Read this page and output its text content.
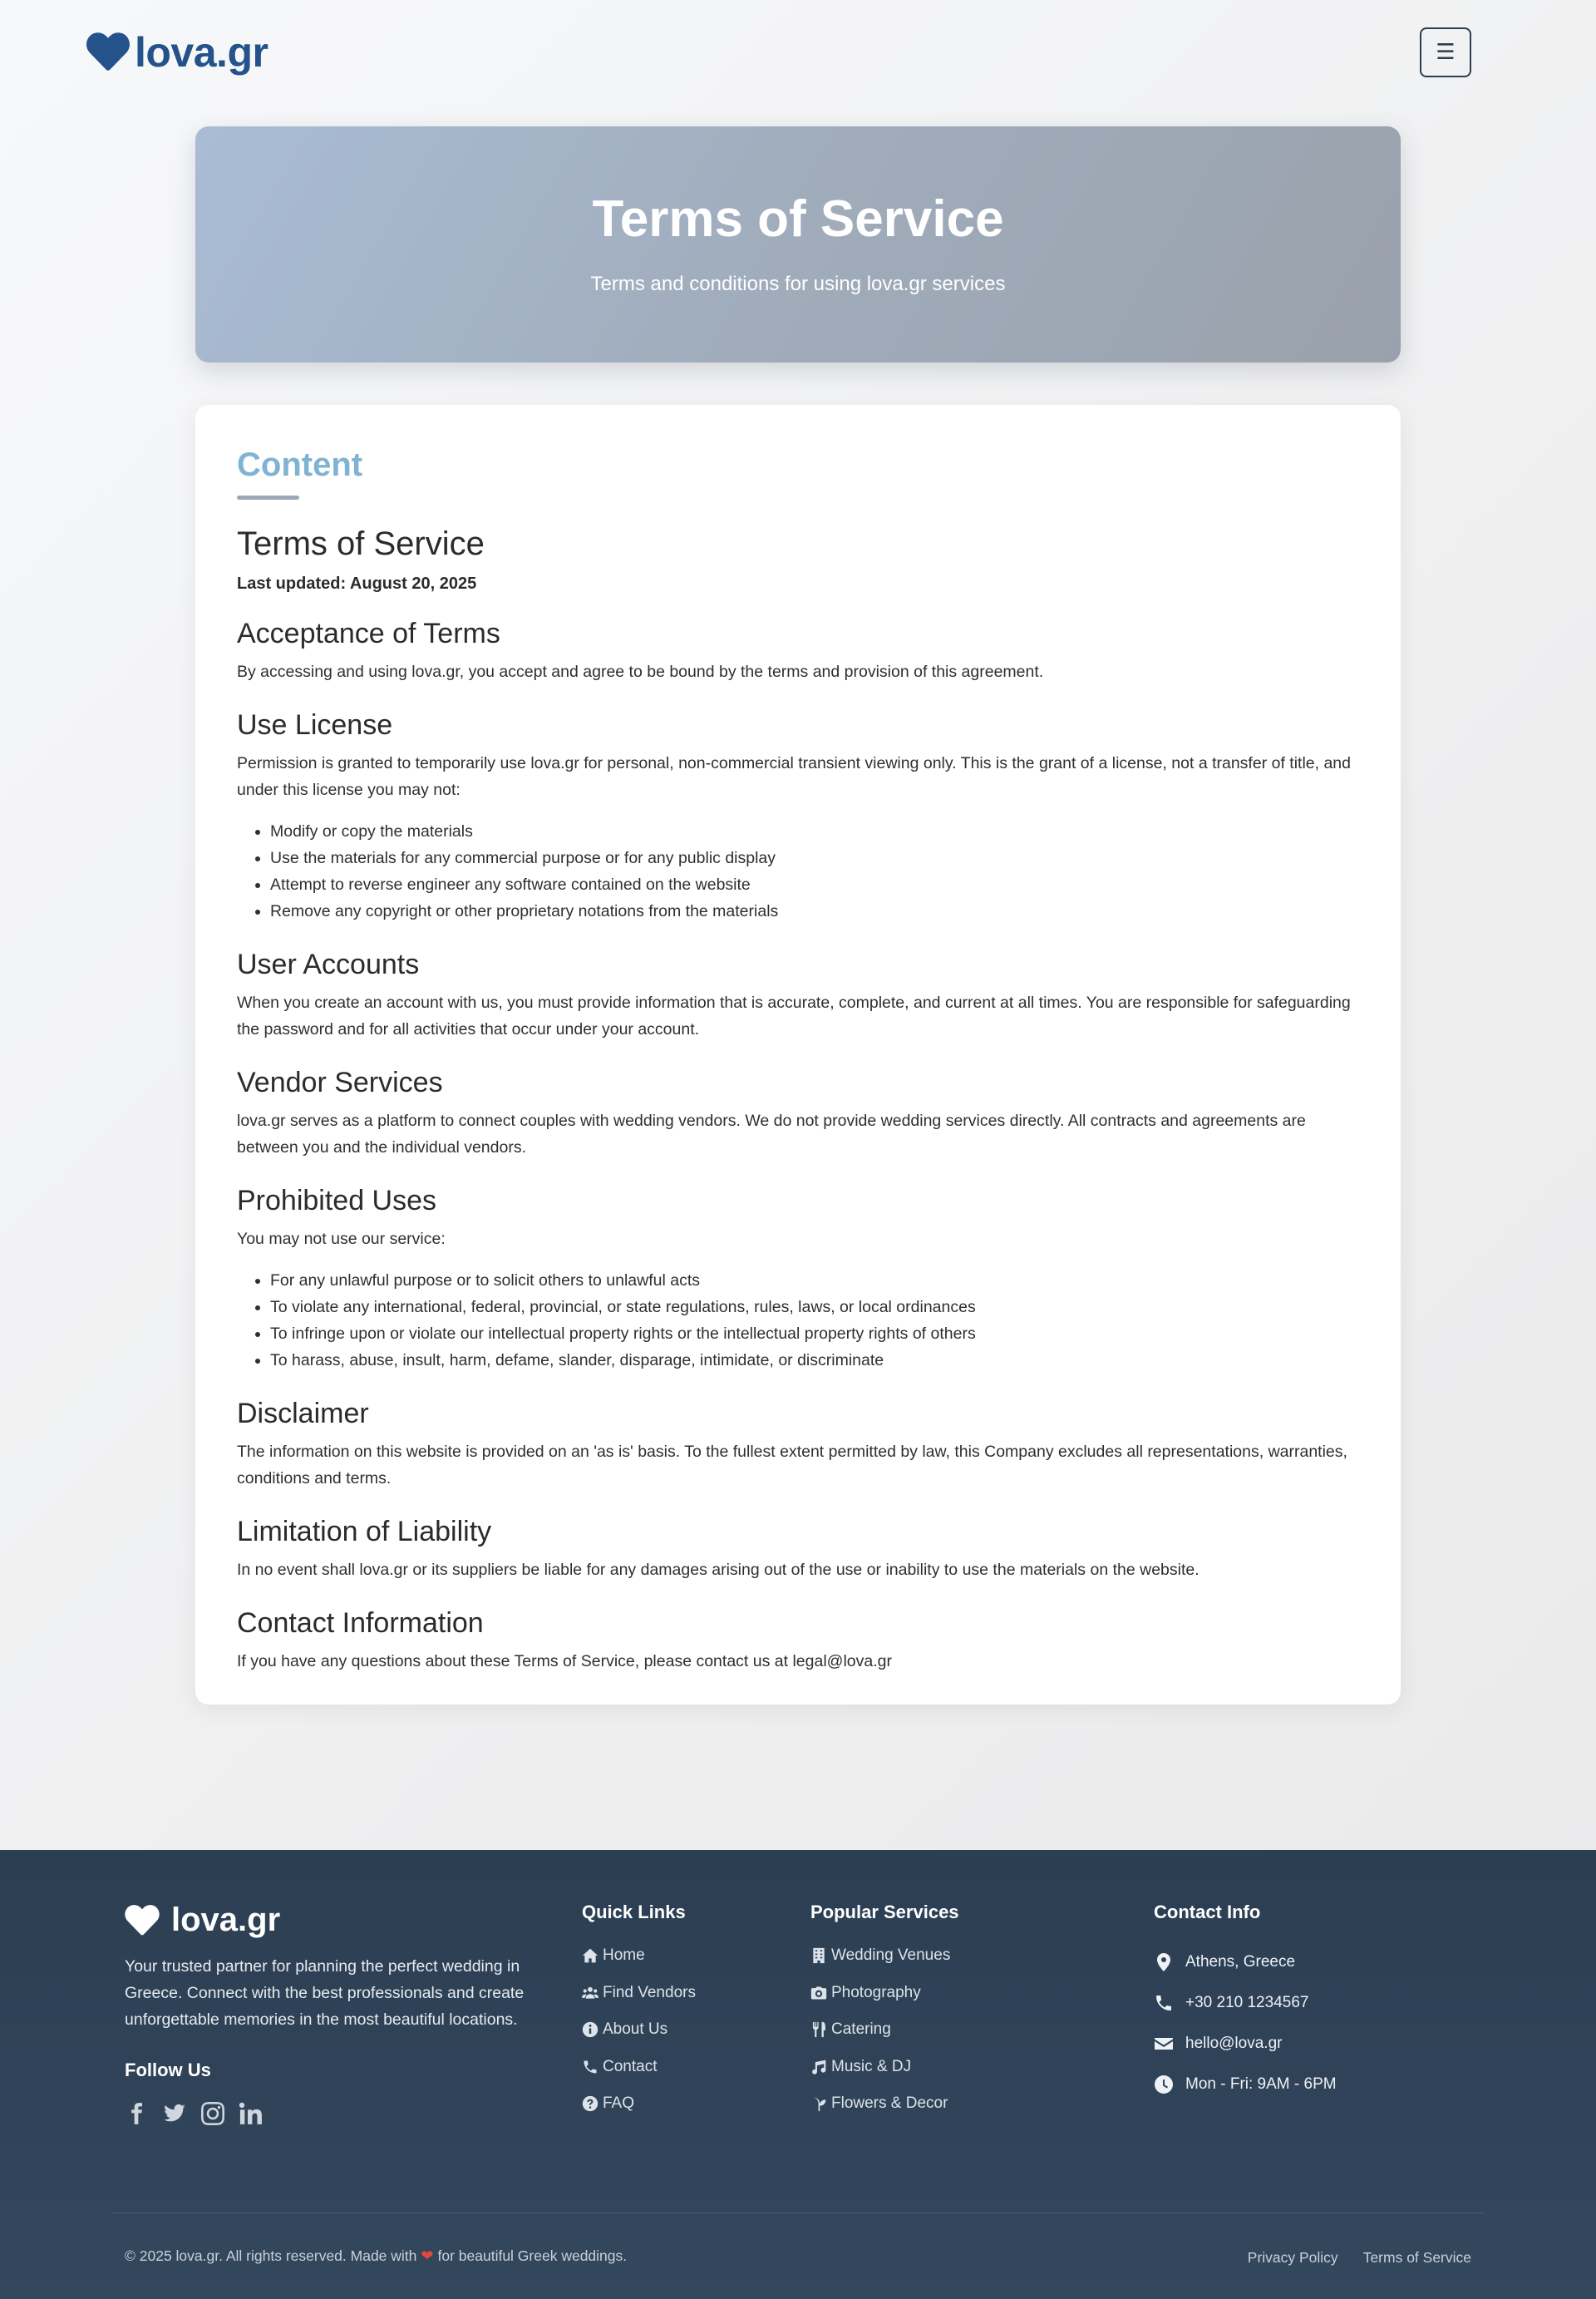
lova.gr	☰
Terms of Service

Terms and conditions for using lova.gr services

Content
Terms of Service
Last updated: August 20, 2025
Acceptance of Terms

By accessing and using lova.gr, you accept and agree to be bound by the terms and provision of this agreement.

Use License

Permission is granted to temporarily use lova.gr for personal, non-commercial transient viewing only. This is the grant of a license, not a transfer of title, and under this license you may not:

• Modify or copy the materials
• Use the materials for any commercial purpose or for any public display
• Attempt to reverse engineer any software contained on the website
• Remove any copyright or other proprietary notations from the materials
User Accounts

When you create an account with us, you must provide information that is accurate, complete, and current at all times. You are responsible for safeguarding the password and for all activities that occur under your account.

Vendor Services

lova.gr serves as a platform to connect couples with wedding vendors. We do not provide wedding services directly. All contracts and agreements are between you and the individual vendors.

Prohibited Uses

You may not use our service:

• For any unlawful purpose or to solicit others to unlawful acts
• To violate any international, federal, provincial, or state regulations, rules, laws, or local ordinances
• To infringe upon or violate our intellectual property rights or the intellectual property rights of others
• To harass, abuse, insult, harm, defame, slander, disparage, intimidate, or discriminate
Disclaimer

The information on this website is provided on an 'as is' basis. To the fullest extent permitted by law, this Company excludes all representations, warranties, conditions and terms.

Limitation of Liability

In no event shall lova.gr or its suppliers be liable for any damages arising out of the use or inability to use the materials on the website.

Contact Information

If you have any questions about these Terms of Service, please contact us at legal@lova.gr

lova.gr

Your trusted partner for planning the perfect wedding in Greece. Connect with the best professionals and create unforgettable memories in the most beautiful locations.

Follow Us
Quick Links
Home
Find Vendors
About Us
Contact
FAQ
Popular Services
Wedding Venues
Photography
Catering
Music & DJ
Flowers & Decor
Contact Info
Athens, Greece
+30 210 1234567
hello@lova.gr
Mon - Fri: 9AM - 6PM
© 2025 lova.gr. All rights reserved. Made with ❤ for beautiful Greek weddings.	Privacy Policy Terms of Service
